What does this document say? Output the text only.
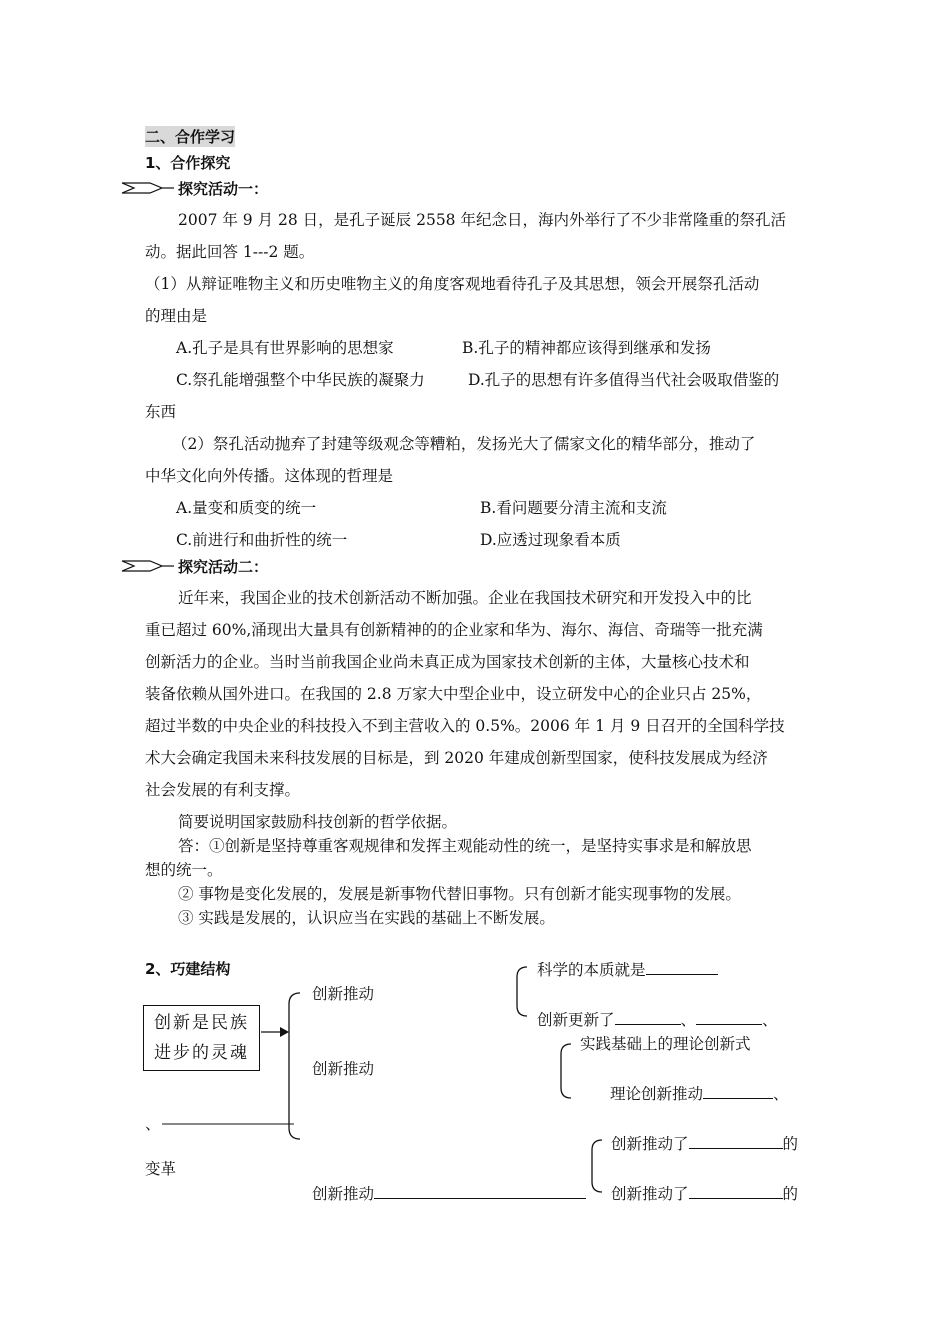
二、合作学习
1、合作探究
探究活动一：
2007 年 9 月 28 日，是孔子诞辰 2558 年纪念日，海内外举行了不少非常隆重的祭孔活
动。据此回答 1---2 题。
（1）从辩证唯物主义和历史唯物主义的角度客观地看待孔子及其思想，领会开展祭孔活动
的理由是
A.孔子是具有世界影响的思想家	B.孔子的精神都应该得到继承和发扬
C.祭孔能增强整个中华民族的凝聚力	D.孔子的思想有许多值得当代社会吸取借鉴的
东西
（2）祭孔活动抛弃了封建等级观念等糟粕，发扬光大了儒家文化的精华部分，推动了
中华文化向外传播。这体现的哲理是
A.量变和质变的统一	B.看问题要分清主流和支流
C.前进行和曲折性的统一	D.应透过现象看本质
探究活动二：
近年来，我国企业的技术创新活动不断加强。企业在我国技术研究和开发投入中的比
重已超过 60%,涌现出大量具有创新精神的的企业家和华为、海尔、海信、奇瑞等一批充满
创新活力的企业。当时当前我国企业尚未真正成为国家技术创新的主体，大量核心技术和
装备依赖从国外进口。在我国的 2.8 万家大中型企业中，设立研发中心的企业只占 25%，
超过半数的中央企业的科技投入不到主营收入的 0.5%。2006 年 1 月 9 日召开的全国科学技
术大会确定我国未来科技发展的目标是，到 2020 年建成创新型国家，使科技发展成为经济
社会发展的有利支撑。
简要说明国家鼓励科技创新的哲学依据。
答：①创新是坚持尊重客观规律和发挥主观能动性的统一，是坚持实事求是和解放思
想的统一。
② 事物是变化发展的，发展是新事物代替旧事物。只有创新才能实现事物的发展。
③ 实践是发展的，认识应当在实践的基础上不断发展。
2、巧建结构
创新是民族
进步的灵魂
创新推动
创新推动
创新推动
科学的本质就是
创新更新了	、	、
实践基础上的理论创新式
理论创新推动	、
、
变革
创新推动了	的
创新推动了	的
